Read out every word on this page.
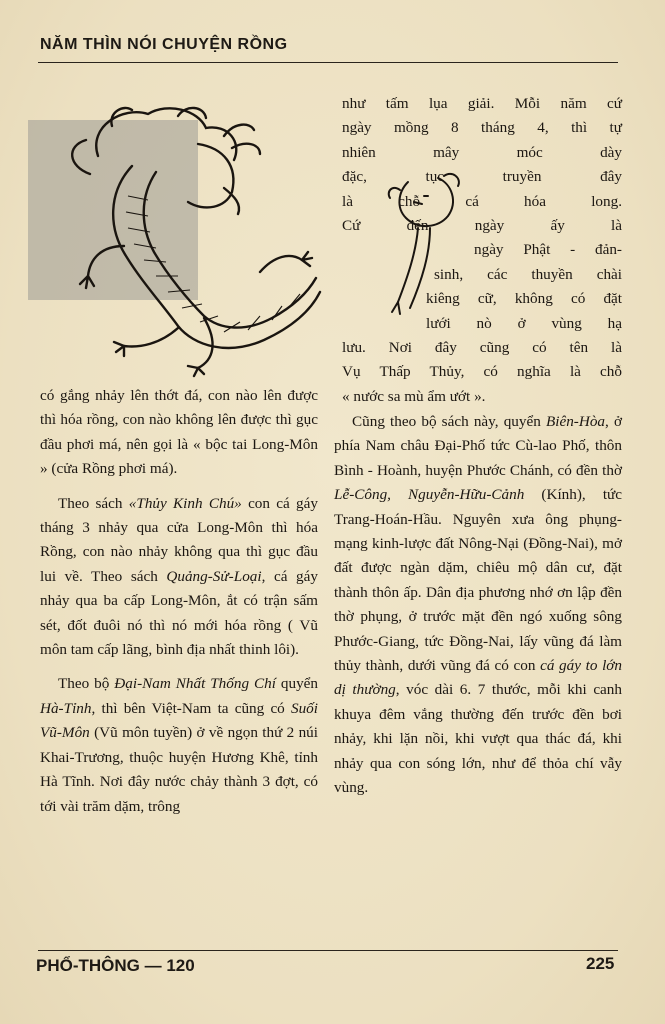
NĂM THÌN NÓI CHUYỆN RỒNG
như tấm lụa giải. Mỗi năm cứ
ngày mồng 8 tháng 4, thì tự
nhiên mây móc dày
đặc, tục truyền đây
là chỗ cá hóa long.
Cứ đến ngày ấy là
ngày Phật - đản-
sinh, các thuyền chài
kiêng cữ, không có đặt
lưới nò ở vùng hạ
lưu. Nơi đây cũng có tên là
Vụ Thấp Thủy, có nghĩa là chỗ
« nước sa mù ẩm ướt ».

có gắng nhảy lên thớt đá, con nào lên được thì hóa rồng, con nào không lên được thì gục đầu phơi má, nên gọi là « bộc tai Long-Môn » (cửa Rồng phơi má).

Theo sách «Thủy Kinh Chú» con cá gáy tháng 3 nhảy qua cửa Long-Môn thì hóa Rồng, con nào nhảy không qua thì gục đầu lui về. Theo sách Quảng-Sử-Loại, cá gáy nhảy qua ba cấp Long-Môn, ắt có trận sấm sét, đốt đuôi nó thì nó mới hóa rồng ( Vũ môn tam cấp lãng, bình địa nhất thinh lôi).

Theo bộ Đại-Nam Nhất Thống Chí quyển Hà-Tỉnh, thì bên Việt-Nam ta cũng có Suối Vũ-Môn (Vũ môn tuyền) ở về ngọn thứ 2 núi Khai-Trương, thuộc huyện Hương Khê, tỉnh Hà Tĩnh. Nơi đây nước chảy thành 3 đợt, có tới vài trăm dặm, trông

Cũng theo bộ sách này, quyển Biên-Hòa, ở phía Nam châu Đại-Phố tức Cù-lao Phố, thôn Bình - Hoành, huyện Phước Chánh, có đền thờ Lễ-Công, Nguyễn-Hữu-Cảnh (Kính), tức Trang-Hoán-Hầu. Nguyên xưa ông phụng-mạng kinh-lược đất Nông-Nại (Đồng-Nai), mở đất được ngàn dặm, chiêu mộ dân cư, đặt thành thôn ấp. Dân địa phương nhớ ơn lập đền thờ phụng, ở trước mặt đền ngó xuống sông Phước-Giang, tức Đồng-Nai, lấy vũng đá làm thủy thành, dưới vũng đá có con cá gáy to lớn dị thường, vóc dài 6. 7 thước, mỗi khi canh khuya đêm vắng thường đến trước đền bơi nhảy, khi lặn nồi, khi vượt qua thác đá, khi nhảy qua con sóng lớn, như để thỏa chí vẫy vùng.

PHỔ-THÔNG — 120	225
